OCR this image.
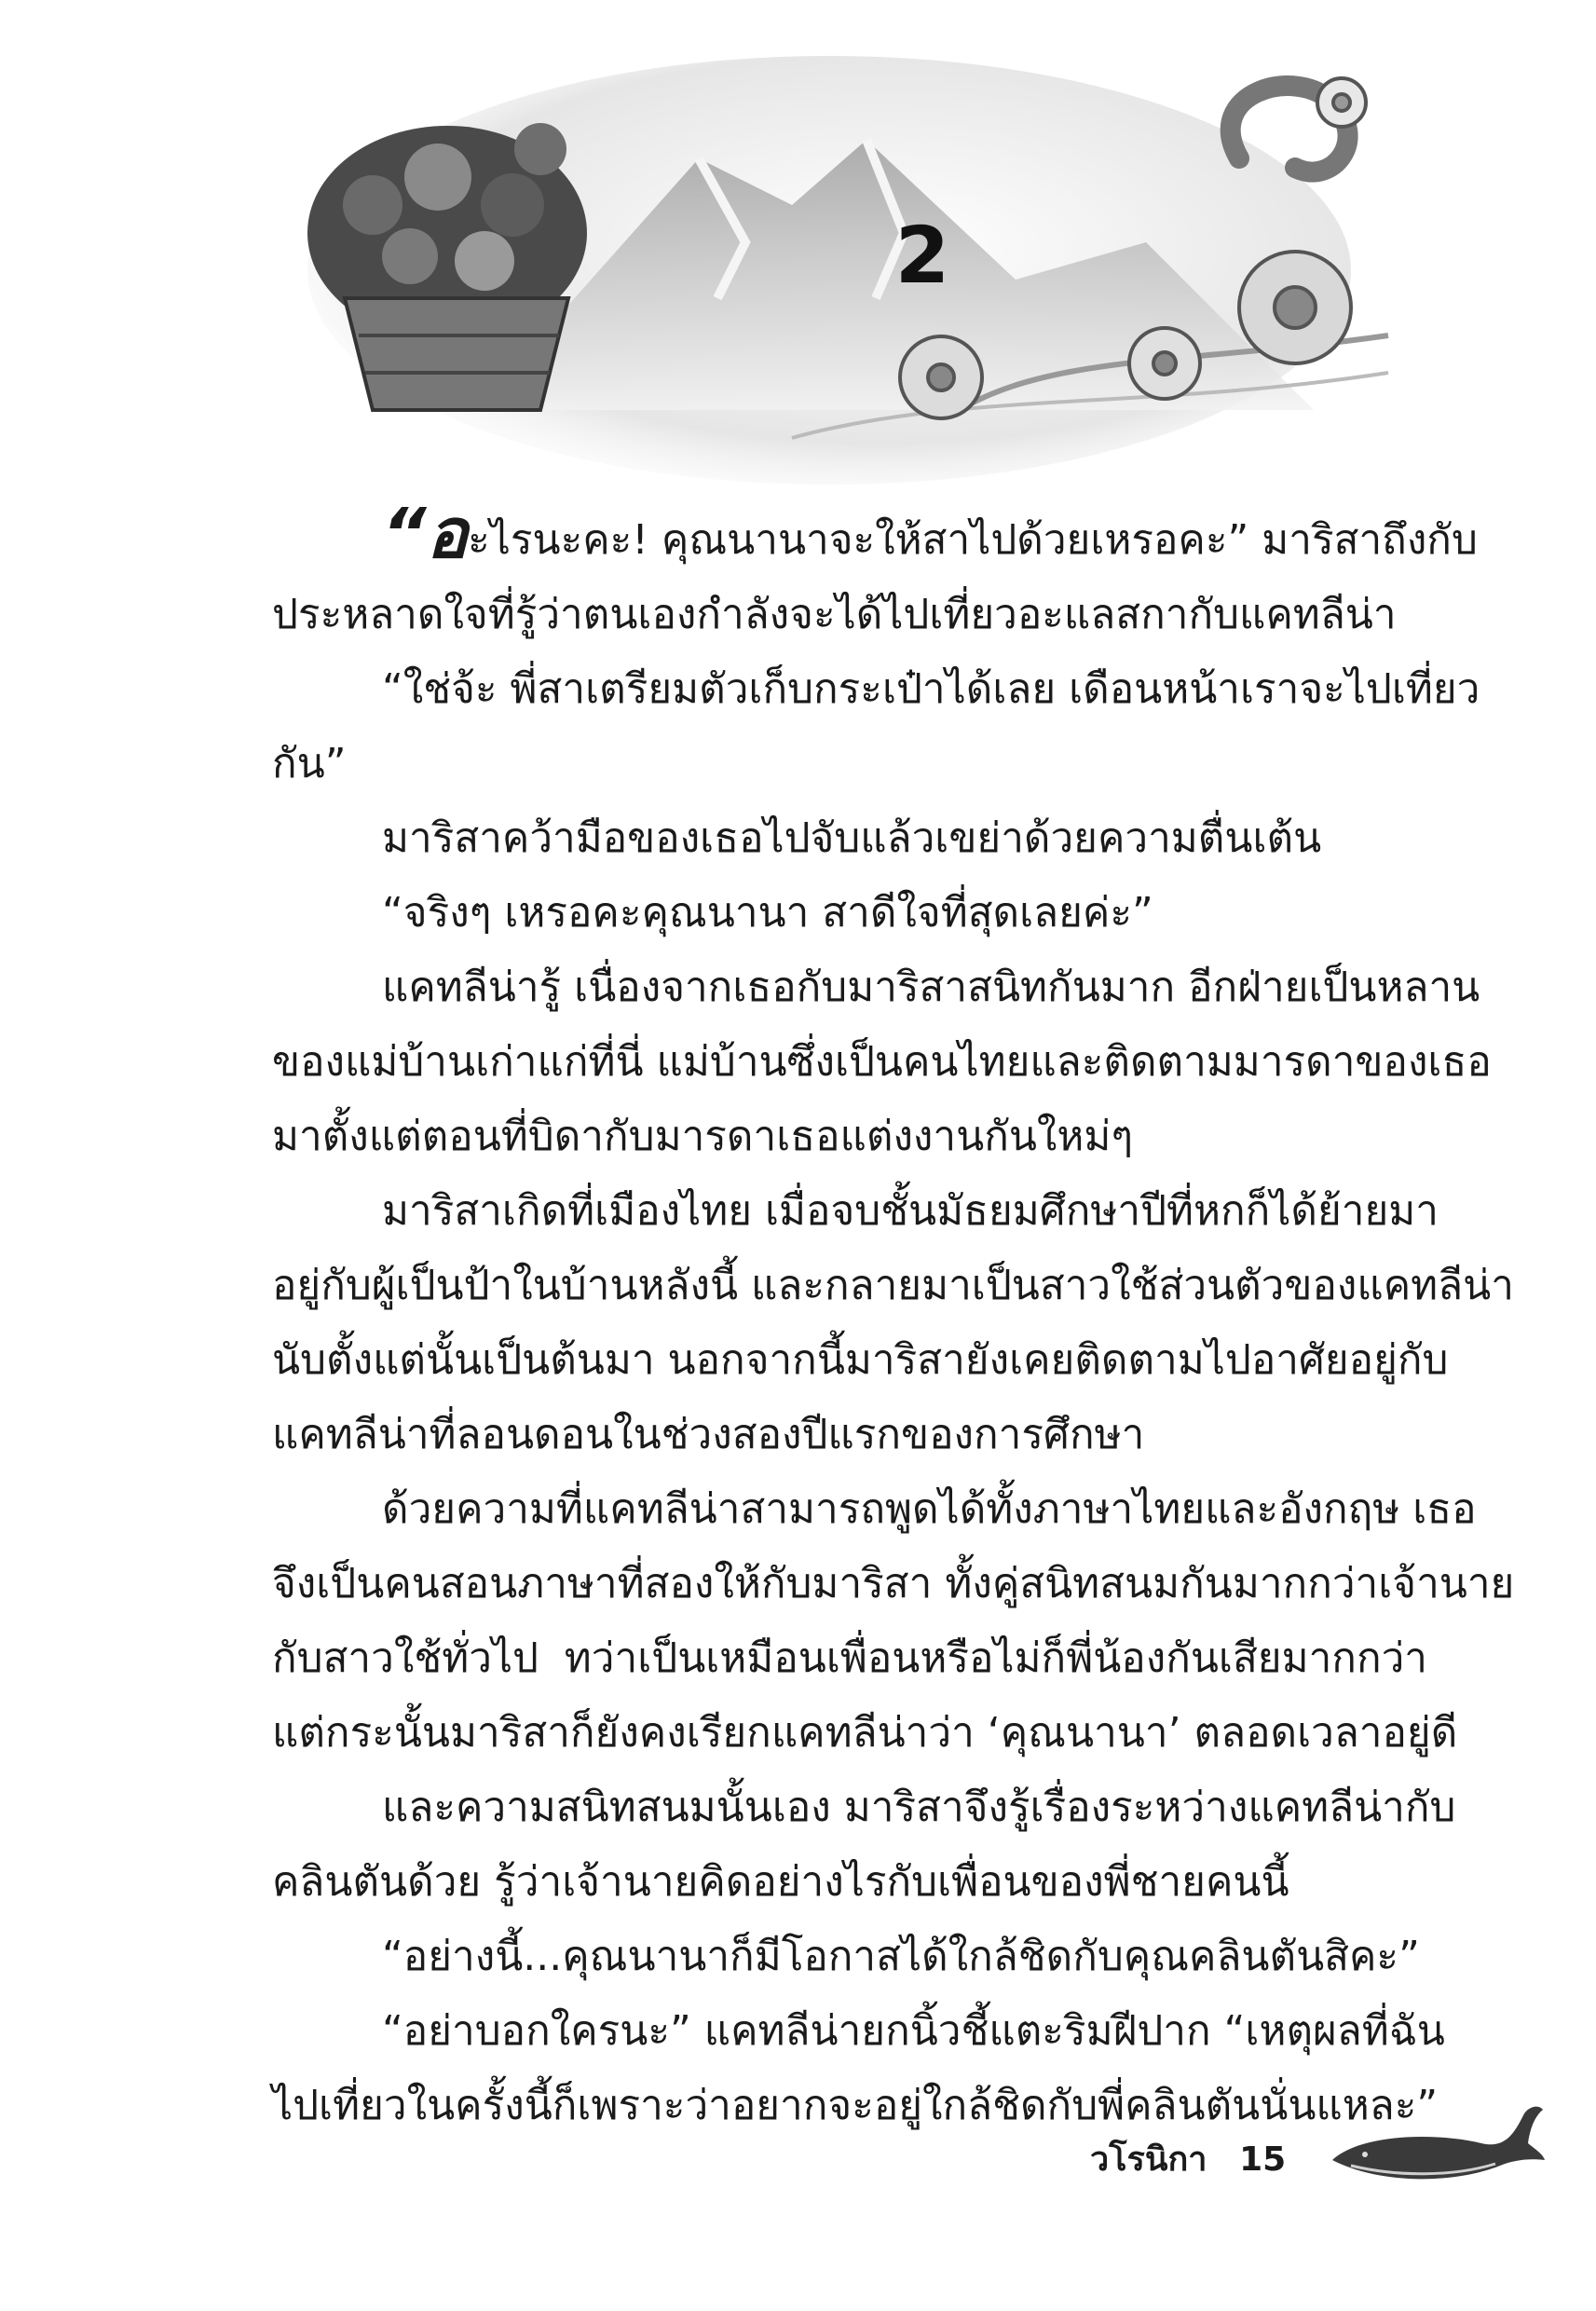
2

“อะไรนะคะ! คุณนานาจะให้สาไปด้วยเหรอคะ” มาริสาถึงกับ
ประหลาดใจที่รู้ว่าตนเองกำลังจะได้ไปเที่ยวอะแลสกากับแคทลีน่า

“ใช่จ้ะ พี่สาเตรียมตัวเก็บกระเป๋าได้เลย เดือนหน้าเราจะไปเที่ยว
กัน”

มาริสาคว้ามือของเธอไปจับแล้วเขย่าด้วยความตื่นเต้น

“จริงๆ เหรอคะคุณนานา สาดีใจที่สุดเลยค่ะ”

แคทลีน่ารู้ เนื่องจากเธอกับมาริสาสนิทกันมาก อีกฝ่ายเป็นหลาน
ของแม่บ้านเก่าแก่ที่นี่ แม่บ้านซึ่งเป็นคนไทยและติดตามมารดาของเธอ
มาตั้งแต่ตอนที่บิดากับมารดาเธอแต่งงานกันใหม่ๆ

มาริสาเกิดที่เมืองไทย เมื่อจบชั้นมัธยมศึกษาปีที่หกก็ได้ย้ายมา
อยู่กับผู้เป็นป้าในบ้านหลังนี้ และกลายมาเป็นสาวใช้ส่วนตัวของแคทลีน่า
นับตั้งแต่นั้นเป็นต้นมา นอกจากนี้มาริสายังเคยติดตามไปอาศัยอยู่กับ
แคทลีน่าที่ลอนดอนในช่วงสองปีแรกของการศึกษา

ด้วยความที่แคทลีน่าสามารถพูดได้ทั้งภาษาไทยและอังกฤษ เธอ
จึงเป็นคนสอนภาษาที่สองให้กับมาริสา ทั้งคู่สนิทสนมกันมากกว่าเจ้านาย
กับสาวใช้ทั่วไป ทว่าเป็นเหมือนเพื่อนหรือไม่ก็พี่น้องกันเสียมากกว่า
แต่กระนั้นมาริสาก็ยังคงเรียกแคทลีน่าว่า ‘คุณนานา’ ตลอดเวลาอยู่ดี

และความสนิทสนมนั้นเอง มาริสาจึงรู้เรื่องระหว่างแคทลีน่ากับ
คลินตันด้วย รู้ว่าเจ้านายคิดอย่างไรกับเพื่อนของพี่ชายคนนี้

“อย่างนี้...คุณนานาก็มีโอกาสได้ใกล้ชิดกับคุณคลินตันสิคะ”

“อย่าบอกใครนะ” แคทลีน่ายกนิ้วชี้แตะริมฝีปาก “เหตุผลที่ฉัน
ไปเที่ยวในครั้งนี้ก็เพราะว่าอยากจะอยู่ใกล้ชิดกับพี่คลินตันนั่นแหละ”

วโรนิกา 15
